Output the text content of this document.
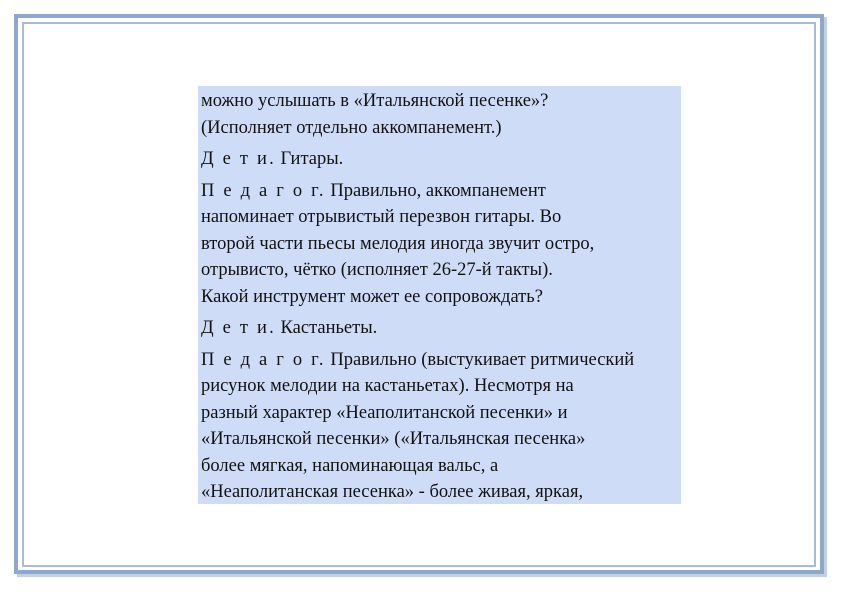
можно услышать в «Итальянской песенке»?
(Исполняет отдельно аккомпанемент.)
Д е т и. Гитары.
П е д а г о г. Правильно, аккомпанемент
напоминает отрывистый перезвон гитары. Во
второй части пьесы мелодия иногда звучит остро,
отрывисто, чётко (исполняет 26-27-й такты).
Какой инструмент может ее сопровождать?
Д е т и. Кастаньеты.
П е д а г о г. Правильно (выстукивает ритмический
рисунок мелодии на кастаньетах). Несмотря на
разный характер «Неаполитанской песенки» и
«Итальянской песенки» («Итальянская песенка»
более мягкая, напоминающая вальс, а
«Неаполитанская песенка» - более живая, яркая,
